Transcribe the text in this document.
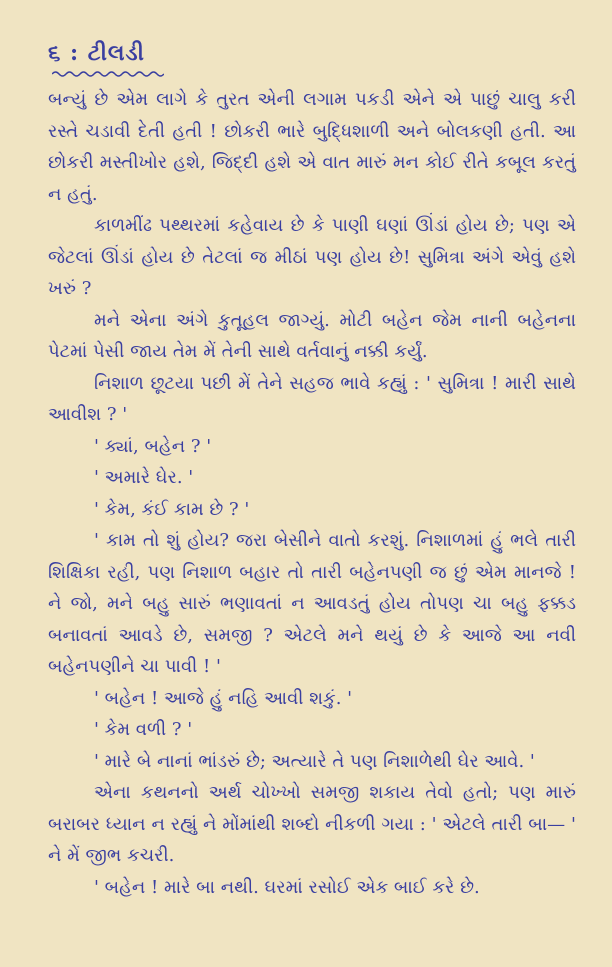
૬ : ટીલડી

બન્યું છે એમ લાગે કે તુરત એની લગામ પકડી એને એ પાછું ચાલુ કરી રસ્તે ચડાવી દેતી હતી ! છોકરી ભારે બુદ્ધિશાળી અને બોલકણી હતી. આ છોકરી મસ્તીખોર હશે, જિદ્દી હશે એ વાત મારું મન કોઈ રીતે કબૂલ કરતું ન હતું.

કાળમીંઢ પથ્થરમાં કહેવાય છે કે પાણી ઘણાં ઊંડાં હોય છે; પણ એ જેટલાં ઊંડાં હોય છે તેટલાં જ મીઠાં પણ હોય છે! સુમિત્રા અંગે એવું હશે ખરું ?

મને એના અંગે કુતૂહલ જાગ્યું. મોટી બહેન જેમ નાની બહેનના પેટમાં પેસી જાય તેમ મેં તેની સાથે વર્તવાનું નક્કી કર્યું.

નિશાળ છૂટયા પછી મેં તેને સહજ ભાવે કહ્યું : ' સુમિત્રા ! મારી સાથે આવીશ ? '

' ક્યાં, બહેન ? '

' અમારે ઘેર. '

' કેમ, કંઈ કામ છે ? '

' કામ તો શું હોય? જરા બેસીને વાતો કરશું. નિશાળમાં હું ભલે તારી શિક્ષિકા રહી, પણ નિશાળ બહાર તો તારી બહેનપણી જ છું એમ માનજે ! ને જો, મને બહુ સારું ભણાવતાં ન આવડતું હોય તોપણ ચા બહુ ફક્કડ બનાવતાં આવડે છે, સમજી ? એટલે મને થયું છે કે આજે આ નવી બહેનપણીને ચા પાવી ! '

' બહેન ! આજે હું નહિ આવી શકું. '

' કેમ વળી ? '

' મારે બે નાનાં ભાંડરું છે; અત્યારે તે પણ નિશાળેથી ઘેર આવે. '

એના કથનનો અર્થ ચોખ્ખો સમજી શકાય તેવો હતો; પણ મારું બરાબર ધ્યાન ન રહ્યું ને મોંમાંથી શબ્દો નીકળી ગયા : ' એટલે તારી બા— ' ને મેં જીભ કચરી.

' બહેન ! મારે બા નથી. ઘરમાં રસોઈ એક બાઈ કરે છે.
